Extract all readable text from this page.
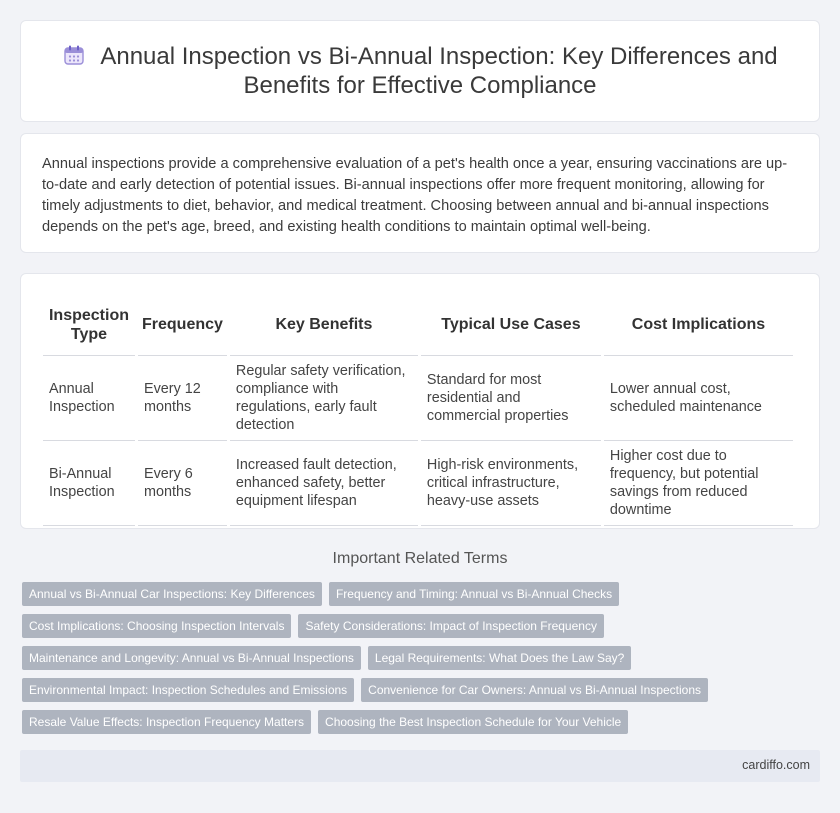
Annual Inspection vs Bi-Annual Inspection: Key Differences and Benefits for Effective Compliance

Annual inspections provide a comprehensive evaluation of a pet's health once a year, ensuring vaccinations are up-to-date and early detection of potential issues. Bi-annual inspections offer more frequent monitoring, allowing for timely adjustments to diet, behavior, and medical treatment. Choosing between annual and bi-annual inspections depends on the pet's age, breed, and existing health conditions to maintain optimal well-being.

Inspection Type	Frequency	Key Benefits	Typical Use Cases	Cost Implications
Annual Inspection	Every 12 months	Regular safety verification, compliance with regulations, early fault detection	Standard for most residential and commercial properties	Lower annual cost, scheduled maintenance
Bi-Annual Inspection	Every 6 months	Increased fault detection, enhanced safety, better equipment lifespan	High-risk environments, critical infrastructure, heavy-use assets	Higher cost due to frequency, but potential savings from reduced downtime
Important Related Terms
Annual vs Bi-Annual Car Inspections: Key Differences	Frequency and Timing: Annual vs Bi-Annual Checks
Cost Implications: Choosing Inspection Intervals	Safety Considerations: Impact of Inspection Frequency
Maintenance and Longevity: Annual vs Bi-Annual Inspections	Legal Requirements: What Does the Law Say?
Environmental Impact: Inspection Schedules and Emissions	Convenience for Car Owners: Annual vs Bi-Annual Inspections
Resale Value Effects: Inspection Frequency Matters	Choosing the Best Inspection Schedule for Your Vehicle
cardiffo.com
